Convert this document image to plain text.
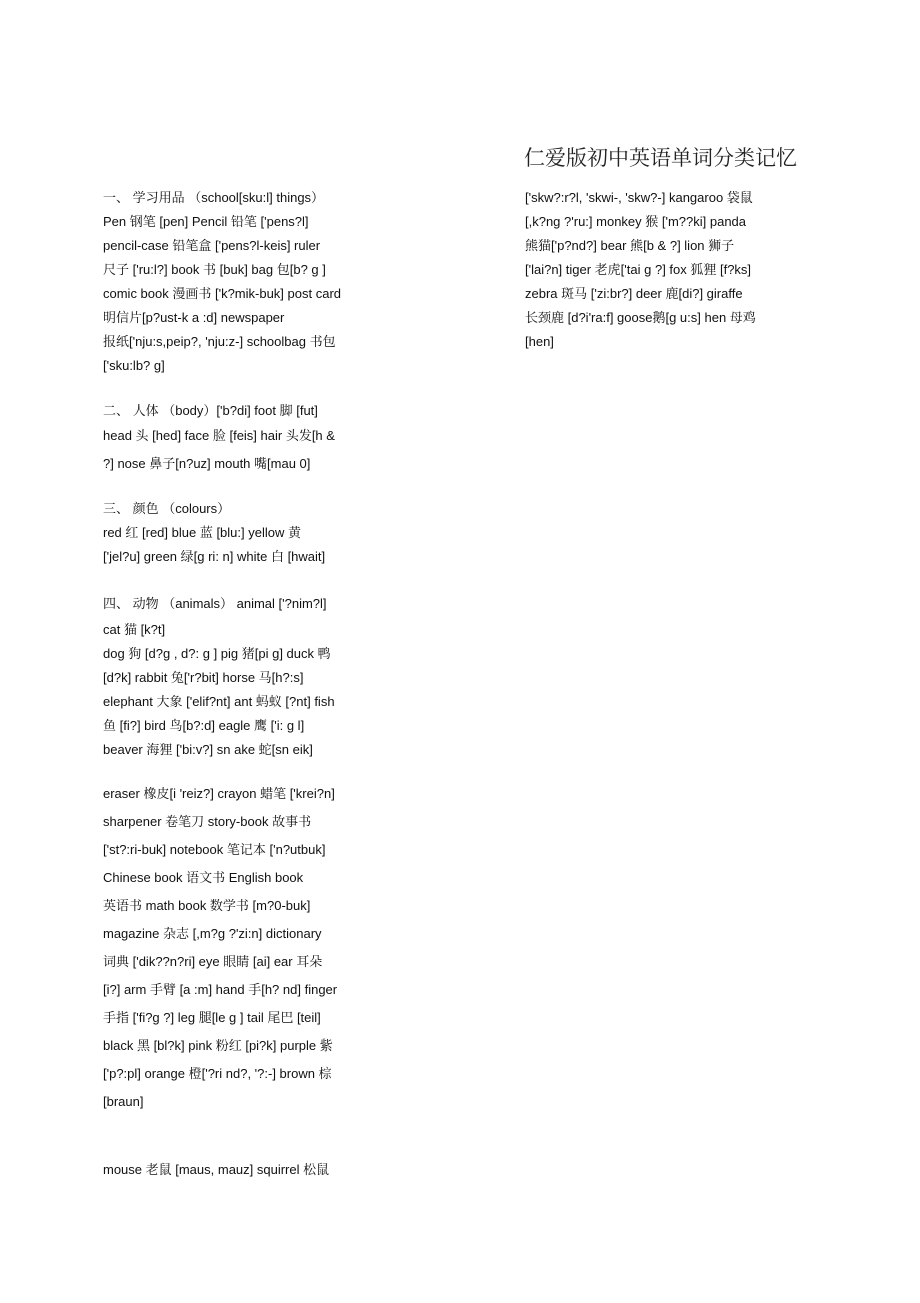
仁爱版初中英语单词分类记忆
一、 学习用品 （school[sku:l] things）
Pen 钢笔 [pen] Pencil 铅笔 ['pens?l]
pencil-case 铅笔盒 ['pens?l-keis] ruler
尺子 ['ru:l?] book 书 [buk] bag 包[b? g ]
comic book 漫画书 ['k?mik-buk] post card
明信片[p?ust-k a :d] newspaper
报纸['nju:s,peip?, 'nju:z-] schoolbag 书包
['sku:lb? g]
二、 人体 （body）['b?di] foot 脚 [fut]
head 头 [hed] face 脸 [feis] hair 头发[h &
?] nose 鼻子[n?uz] mouth 嘴[mau 0]
三、 颜色 （colours）
red 红 [red] blue 蓝 [blu:] yellow 黄
['jel?u] green 绿[g ri: n] white 白 [hwait]
四、 动物 （animals） animal ['?nim?l]
cat 猫 [k?t]
dog 狗 [d?g , d?: g ] pig 猪[pi g] duck 鸭
[d?k] rabbit 兔['r?bit] horse 马[h?:s]
elephant 大象 ['elif?nt] ant 蚂蚁 [?nt] fish
鱼 [fi?] bird 鸟[b?:d] eagle 鹰 ['i: g l]
beaver 海狸 ['bi:v?] sn ake 蛇[sn eik]
eraser 橡皮[i 'reiz?] crayon 蜡笔 ['krei?n]
sharpener 卷笔刀 story-book 故事书
['st?:ri-buk] notebook 笔记本 ['n?utbuk]
Chinese book 语文书 English book
英语书 math book 数学书 [m?0-buk]
magazine 杂志 [,m?g ?'zi:n] dictionary
词典 ['dik??n?ri] eye 眼睛 [ai] ear 耳朵
[i?] arm 手臂 [a :m] hand 手[h? nd] finger
手指 ['fi?g ?] leg 腿[le g ] tail 尾巴 [teil]
black 黑 [bl?k] pink 粉红 [pi?k] purple 紫
['p?:pl] orange 橙['?ri nd?, '?:-] brown 棕
[braun]
mouse 老鼠 [maus, mauz] squirrel 松鼠
['skw?:r?l, 'skwi-, 'skw?-] kangaroo 袋鼠
[,k?ng ?'ru:] monkey 猴 ['m??ki] panda
熊猫['p?nd?] bear 熊[b & ?] lion 狮子
['lai?n] tiger 老虎['tai g ?] fox 狐狸 [f?ks]
zebra 斑马 ['zi:br?] deer 鹿[di?] giraffe
长颈鹿 [d?i'ra:f] goose鹅[g u:s] hen 母鸡
[hen]
